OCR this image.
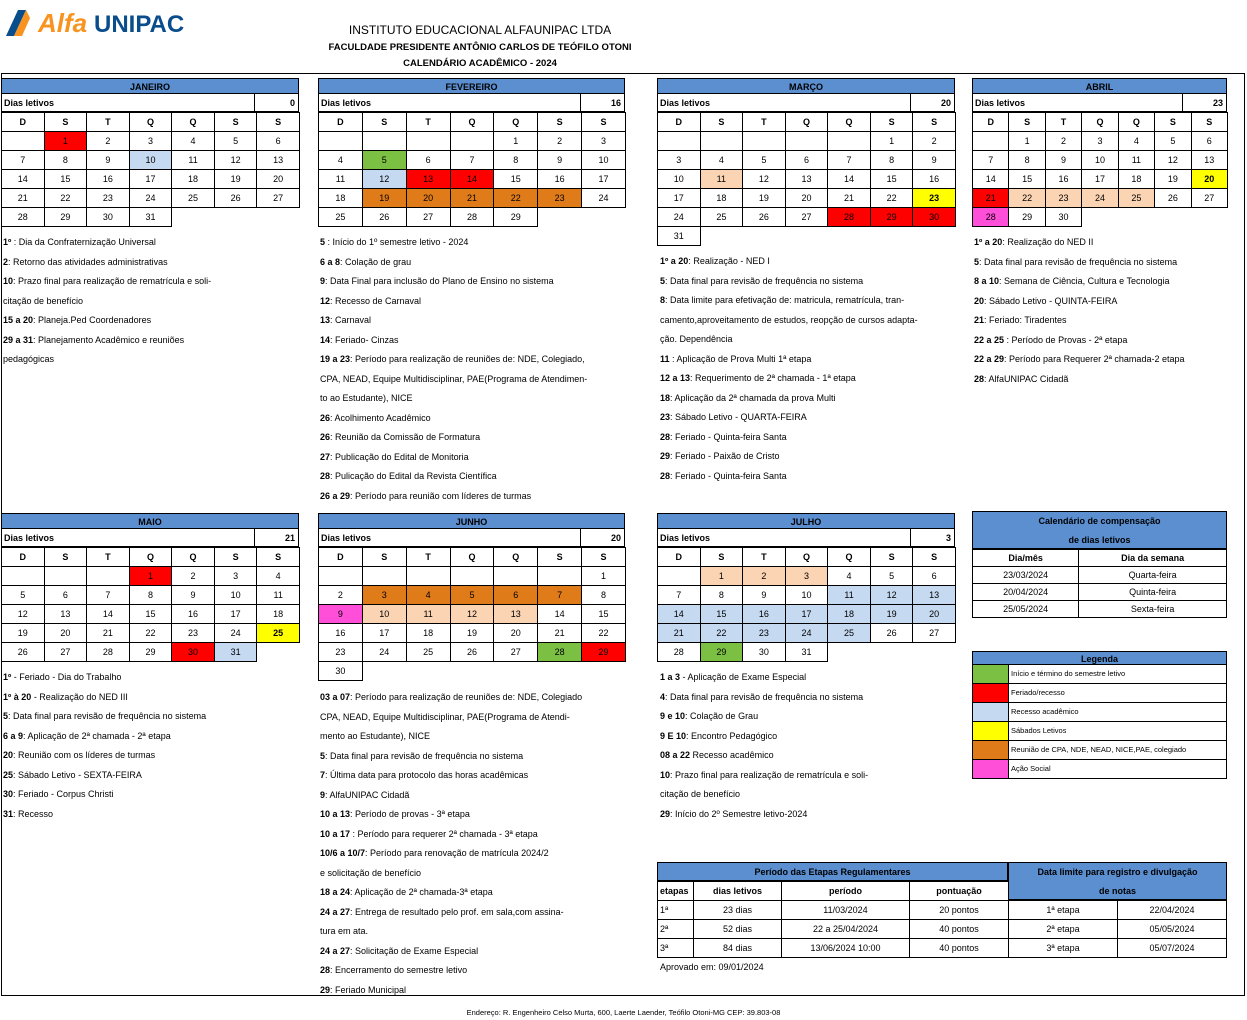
Alfa UNIPAC	INSTITUTO EDUCACIONAL ALFAUNIPAC LTDA
FACULDADE PRESIDENTE ANTÔNIO CARLOS DE TEÓFILO OTONI
CALENDÁRIO ACADÊMICO - 2024
JANEIRO
Dias letivos	0
D	S	T	Q	Q	S	S
	1	2	3	4	5	6
7	8	9	10	11	12	13
14	15	16	17	18	19	20
21	22	23	24	25	26	27
28	29	30	31			
FEVEREIRO
Dias letivos	16
D	S	T	Q	Q	S	S
				1	2	3
4	5	6	7	8	9	10
11	12	13	14	15	16	17
18	19	20	21	22	23	24
25	26	27	28	29		
MARÇO
Dias letivos	20
D	S	T	Q	Q	S	S
					1	2
3	4	5	6	7	8	9
10	11	12	13	14	15	16
17	18	19	20	21	22	23
24	25	26	27	28	29	30
31						
ABRIL
Dias letivos	23
D	S	T	Q	Q	S	S
	1	2	3	4	5	6
7	8	9	10	11	12	13
14	15	16	17	18	19	20
21	22	23	24	25	26	27
28	29	30				
MAIO
Dias letivos	21
D	S	T	Q	Q	S	S
			1	2	3	4
5	6	7	8	9	10	11
12	13	14	15	16	17	18
19	20	21	22	23	24	25
26	27	28	29	30	31	
JUNHO
Dias letivos	20
D	S	T	Q	Q	S	S
						1
2	3	4	5	6	7	8
9	10	11	12	13	14	15
16	17	18	19	20	21	22
23	24	25	26	27	28	29
30						
JULHO
Dias letivos	3
D	S	T	Q	Q	S	S
	1	2	3	4	5	6
7	8	9	10	11	12	13
14	15	16	17	18	19	20
21	22	23	24	25	26	27
28	29	30	31			
1º : Dia da Confraternização Universal
2: Retorno das atividades administrativas
10: Prazo final para realização de rematrícula e soli-
citação de benefício
15 a 20: Planeja.Ped Coordenadores
29 a 31: Planejamento Acadêmico e reuniões
pedagógicas
5 : Início do 1º semestre letivo - 2024
6 a 8: Colação de grau
9: Data Final para inclusão do Plano de Ensino no sistema
12: Recesso de Carnaval
13: Carnaval
14: Feriado- Cinzas
19 a 23: Período para realização de reuniões de: NDE, Colegiado,
CPA, NEAD, Equipe Multidisciplinar, PAE(Programa de Atendimen-
to ao Estudante), NICE
26: Acolhimento Acadêmico
26: Reunião da Comissão de Formatura
27: Publicação do Edital de Monitoria
28: Pulicação do Edital da Revista Científica
26 a 29: Período para reunião com líderes de turmas
1º a 20: Realização - NED I
5: Data final para revisão de frequência no sistema
8: Data limite para efetivação de: matricula, rematrícula, tran-
camento,aproveitamento de estudos, reopção de cursos adapta-
ção. Dependência
11 : Aplicação de Prova Multi 1ª etapa
12 a 13: Requerimento de 2ª chamada - 1ª etapa
18: Aplicação da 2ª chamada da prova Multi
23: Sábado Letivo - QUARTA-FEIRA
28: Feriado - Quinta-feira Santa
29: Feriado - Paixão de Cristo
28: Feriado - Quinta-feira Santa
1º a 20: Realização do NED II
5: Data final para revisão de frequência no sistema
8 a 10: Semana de Ciência, Cultura e Tecnologia
20: Sábado Letivo - QUINTA-FEIRA
21: Feriado: Tiradentes
22 a 25 : Período de Provas - 2ª etapa
22 a 29: Período para Requerer 2ª chamada-2 etapa
28: AlfaUNIPAC Cidadã
1º - Feriado - Dia do Trabalho
1º à 20 - Realização do NED III
5: Data final para revisão de frequência no sistema
6 a 9: Aplicação de 2ª chamada - 2ª etapa
20: Reunião com os líderes de turmas
25: Sábado Letivo - SEXTA-FEIRA
30: Feriado - Corpus Christi
31: Recesso
03 a 07: Período para realização de reuniões de: NDE, Colegiado
CPA, NEAD, Equipe Multidisciplinar, PAE(Programa de Atendi-
mento ao Estudante), NICE
5: Data final para revisão de frequência no sistema
7: Última data para protocolo das horas acadêmicas
9: AlfaUNIPAC Cidadã
10 a 13: Período de provas - 3ª etapa
10 a 17 : Período para requerer 2ª chamada - 3ª etapa
10/6 a 10/7: Período para renovação de matrícula 2024/2
e solicitação de benefício
18 a 24: Aplicação de 2ª chamada-3ª etapa
24 a 27: Entrega de resultado pelo prof. em sala,com assina-
tura em ata.
24 a 27: Solicitação de Exame Especial
28: Encerramento do semestre letivo
29: Feriado Municipal
1 a 3 - Aplicação de Exame Especial
4: Data final para revisão de frequência no sistema
9 e 10: Colação de Grau
9 E 10: Encontro Pedagógico
08 a 22 Recesso acadêmico
10: Prazo final para realização de rematrícula e soli-
citação de benefício
29: Início do 2º Semestre letivo-2024
Calendário de compensação
de dias letivos
Dia/mês	Dia da semana
23/03/2024	Quarta-feira
20/04/2024	Quinta-feira
25/05/2024	Sexta-feira
Legenda
Início e término do semestre letivo
Feriado/recesso
Recesso acadêmico
Sábados Letivos
Reunião de CPA, NDE, NEAD, NICE,PAE, colegiado
Ação Social
Período das Etapas Regulamentares
etapas	dias letivos	período	pontuação
1ª	23 dias	11/03/2024	20 pontos
2ª	52 dias	22 a 25/04/2024	40 pontos
3ª	84 dias	13/06/2024 10:00	40 pontos
Data limite para registro e divulgação
de notas
1ª etapa	22/04/2024
2ª etapa	05/05/2024
3ª etapa	05/07/2024
Aprovado em: 09/01/2024
Endereço: R. Engenheiro Celso Murta, 600, Laerte Laender, Teófilo Otoni-MG CEP: 39.803-08
